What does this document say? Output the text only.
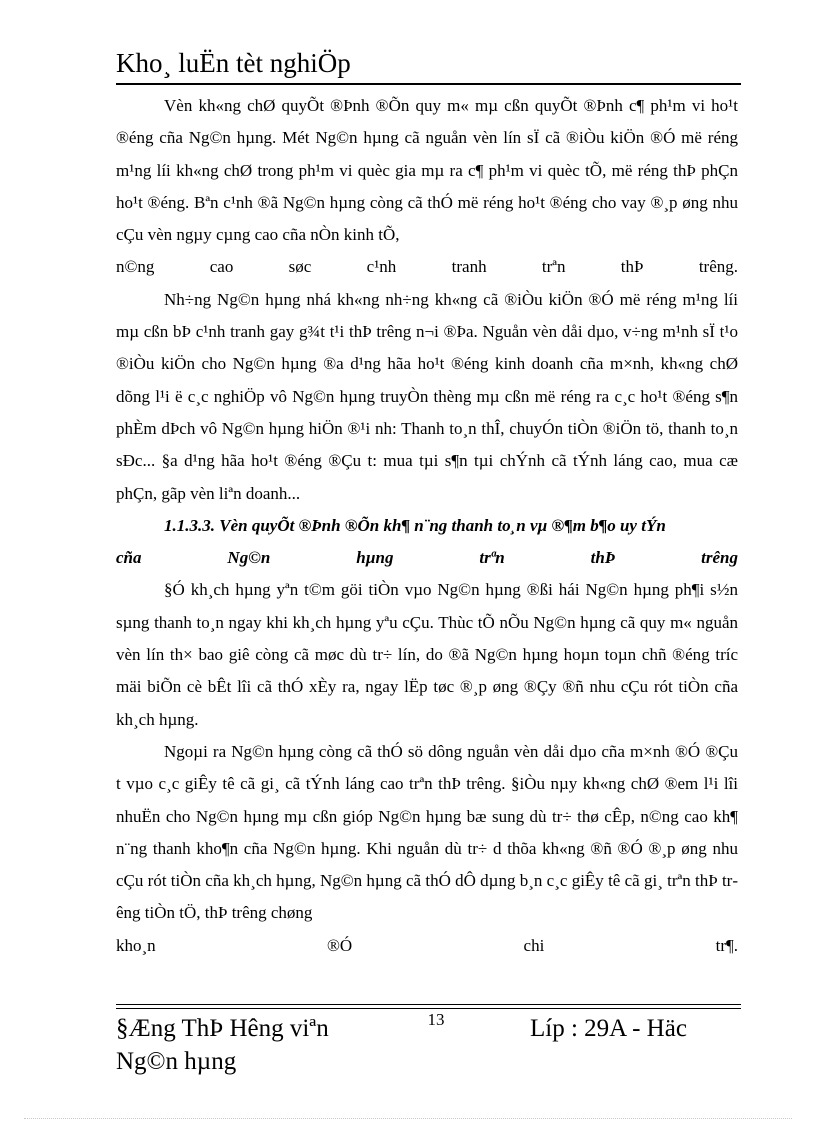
Kho¸ luËn tèt nghiÖp

Vèn kh«ng chØ quyÕt ®Þnh ®Õn quy m« mµ cßn quyÕt ®Þnh c¶ ph¹m vi ho¹t ®éng cña Ng©n hµng. Mét Ng©n hµng cã nguån vèn lín sÏ cã ®iÒu kiÖn ®Ó më réng m¹ng líi kh«ng chØ trong ph¹m vi quèc gia mµ ra c¶ ph¹m vi quèc tÕ, më réng thÞ phÇn ho¹t ®éng. Bªn c¹nh ®ã Ng©n hµng còng cã thÓ më réng ho¹t ®éng cho vay ®¸p øng nhu cÇu vèn ngµy cµng cao cña nÒn kinh tÕ,

n©ng cao søc c¹nh tranh trªn thÞ trêng.

Nh÷ng Ng©n hµng nhá kh«ng nh÷ng kh«ng cã ®iÒu kiÖn ®Ó më réng m¹ng líi mµ cßn bÞ c¹nh tranh gay g¾t t¹i thÞ trêng n¬i ®Þa. Nguån vèn dåi dµo, v÷ng m¹nh sÏ t¹o ®iÒu kiÖn cho Ng©n hµng ®a d¹ng hãa ho¹t ®éng kinh doanh cña m×nh, kh«ng chØ dõng l¹i ë c¸c nghiÖp vô Ng©n hµng truyÒn thèng mµ cßn më réng ra c¸c ho¹t ®éng s¶n phÈm dÞch vô Ng©n hµng hiÖn ®¹i nh: Thanh to¸n thÎ, chuyÓn tiÒn ®iÖn tö, thanh to¸n sÐc... §a d¹ng hãa ho¹t ®éng ®Çu t: mua tµi s¶n tµi chÝnh cã tÝnh láng cao, mua cæ phÇn, gãp vèn liªn doanh...

1.1.3.3. Vèn quyÕt ®Þnh ®Õn kh¶ n¨ng thanh to¸n vµ ®¶m b¶o uy tÝn

cña Ng©n hµng trªn thÞ trêng

§Ó kh¸ch hµng yªn t©m göi tiÒn vµo Ng©n hµng ®ßi hái Ng©n hµng ph¶i s½n sµng thanh to¸n ngay khi kh¸ch hµng yªu cÇu. Thùc tÕ nÕu Ng©n hµng cã quy m« nguån vèn lín th× bao giê còng cã møc dù tr÷ lín, do ®ã Ng©n hµng hoµn toµn chñ ®éng tríc mäi biÕn cè bÊt lîi cã thÓ xÈy ra, ngay lËp tøc ®¸p øng ®Çy ®ñ nhu cÇu rót tiÒn cña kh¸ch hµng.

Ngoµi ra Ng©n hµng còng cã thÓ sö dông nguån vèn dåi dµo cña m×nh ®Ó ®Çu t vµo c¸c giÊy tê cã gi¸ cã tÝnh láng cao trªn thÞ trêng. §iÒu nµy kh«ng chØ ®em l¹i lîi nhuËn cho Ng©n hµng mµ cßn gióp Ng©n hµng bæ sung dù tr÷ thø cÊp, n©ng cao kh¶ n¨ng thanh kho¶n cña Ng©n hµng. Khi nguån dù tr÷ d thõa kh«ng ®ñ ®Ó ®¸p øng nhu cÇu rót tiÒn cña kh¸ch hµng, Ng©n hµng cã thÓ dÔ dµng b¸n c¸c giÊy tê cã gi¸ trªn thÞ trêng tiÒn tÖ, thÞ trêng chøng

kho¸n ®Ó chi tr¶.

§Æng ThÞ Hêng viªn Ng©n hµng
13	Líp : 29A - Häc
